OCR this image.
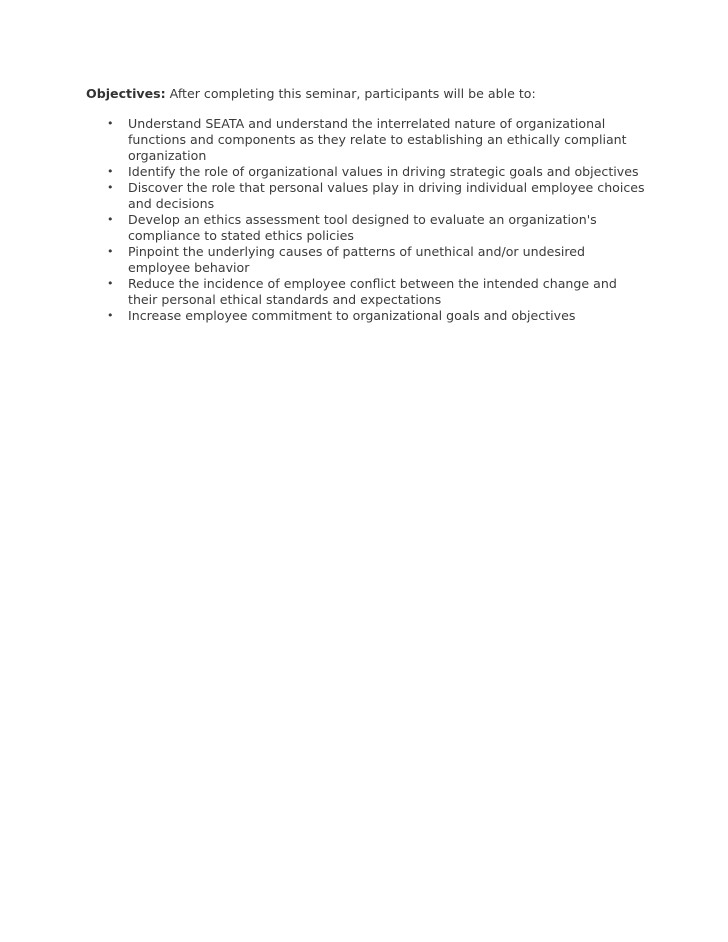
Objectives: After completing this seminar, participants will be able to:

• Understand SEATA and understand the interrelated nature of organizational functions and components as they relate to establishing an ethically compliant organization
• Identify the role of organizational values in driving strategic goals and objectives
• Discover the role that personal values play in driving individual employee choices and decisions
• Develop an ethics assessment tool designed to evaluate an organization's compliance to stated ethics policies
• Pinpoint the underlying causes of patterns of unethical and/or undesired employee behavior
• Reduce the incidence of employee conflict between the intended change and their personal ethical standards and expectations
• Increase employee commitment to organizational goals and objectives
